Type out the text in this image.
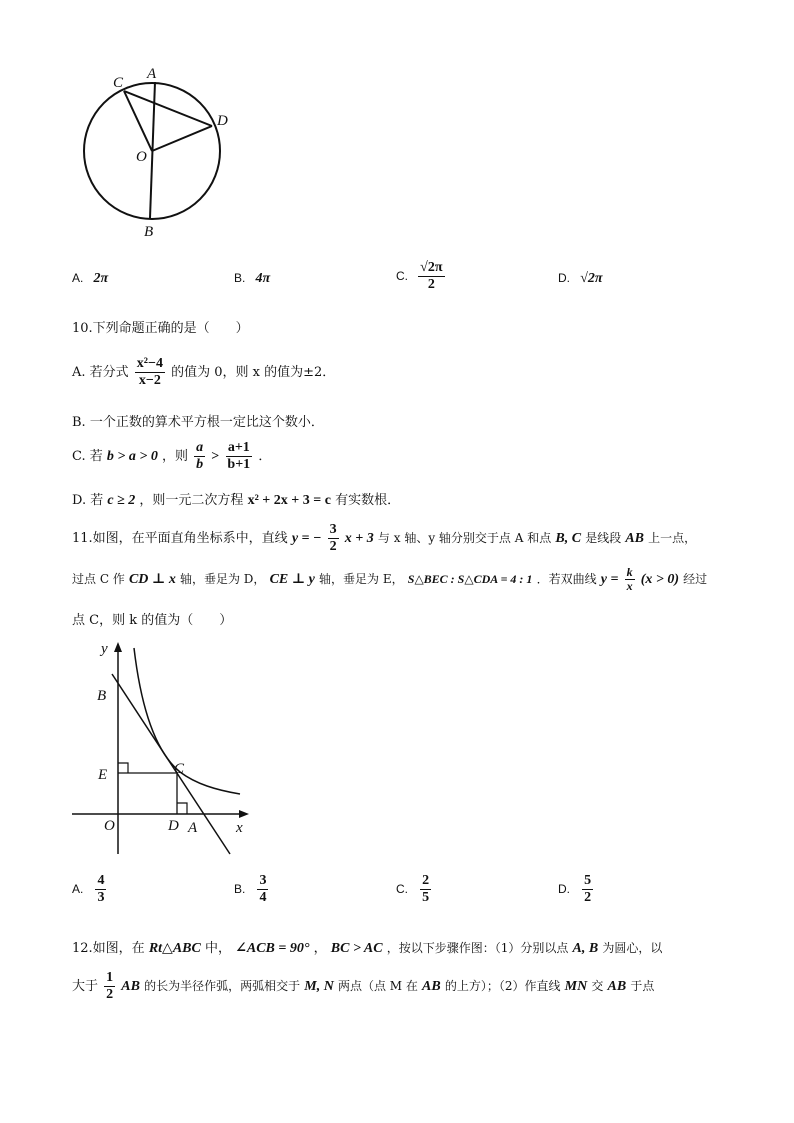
A
C
D
O
B
A. 2π	B. 4π	C. $\frac{√2\pi}{2}$	D. √2π
10.下列命题正确的是（　　）
A. 若分式 $\frac{\text{x²−4}}{x-2}$ 的值为 0，则 x 的值为±2．
B. 一个正数的算术平方根一定比这个数小．
C. 若 b > a > 0 ，则 $\frac{a}{b} > \frac{a+1}{b+1}$ ．
D. 若 c ≥ 2 ，则一元二次方程 x² + 2x + 3 = c 有实数根．
11.如图，在平面直角坐标系中，直线 y = − $\frac{3}{2}$ x + 3 与 x 轴、y 轴分别交于点 A 和点 B, C 是线段 AB 上一点，
过点 C 作 CD ⊥ x 轴，垂足为 D， CE ⊥ y 轴，垂足为 E， S△BEC : S△CDA = 4 : 1 ．若双曲线 $y = \frac{k}{x} (x > 0)$ 经过
点 C，则 k 的值为（　　）
y
B
E	C
O	D A	x
A. $\frac{4}{3}$	B. $\frac{3}{4}$	C. $\frac{2}{5}$	D. $\frac{5}{2}$
12.如图，在 Rt△ABC 中， ∠ACB = 90° ， BC > AC ，按以下步骤作图：（1）分别以点 A, B 为圆心，以
大于 $\frac{1}{2}$ AB 的长为半径作弧，两弧相交于 M, N 两点（点 M 在 AB 的上方）；（2）作直线 MN 交 AB 于点
